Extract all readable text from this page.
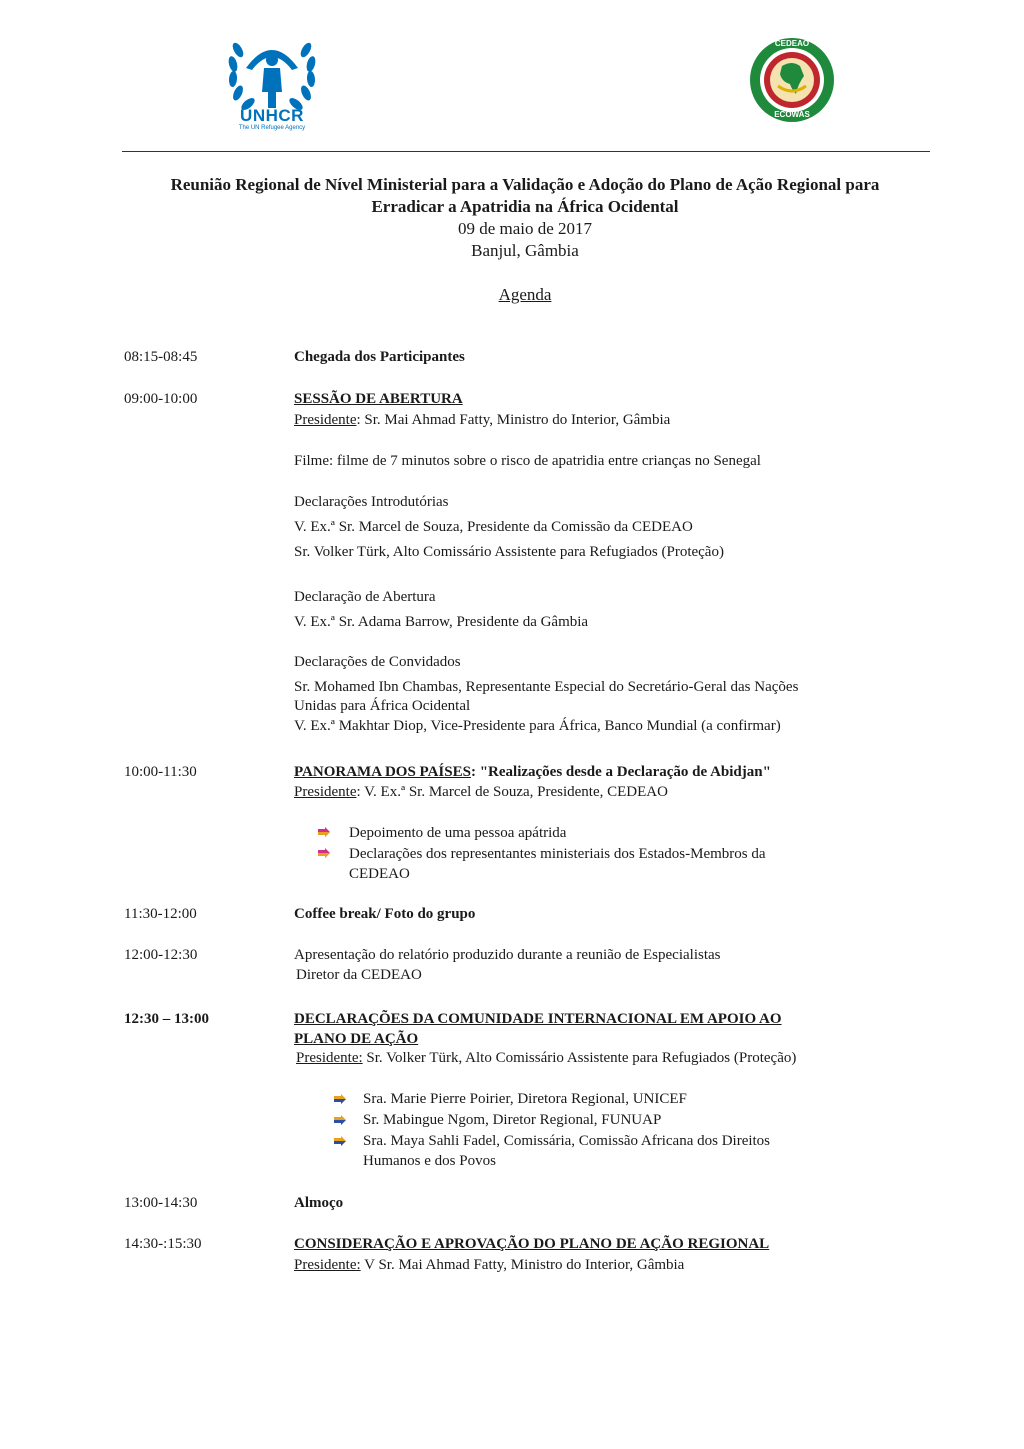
UNHCR
The UN Refugee Agency
CEDEAO
ECOWAS
Reunião Regional de Nível Ministerial para a Validação e Adoção do Plano de Ação Regional para
Erradicar a Apatridia na África Ocidental
09 de maio de 2017
Banjul, Gâmbia
Agenda
08:15-08:45	Chegada dos Participantes
09:00-10:00	SESSÃO DE ABERTURA
Presidente: Sr. Mai Ahmad Fatty, Ministro do Interior, Gâmbia
Filme: filme de 7 minutos sobre o risco de apatridia entre crianças no Senegal
Declarações Introdutórias
V. Ex.ª Sr. Marcel de Souza, Presidente da Comissão da CEDEAO
Sr. Volker Türk, Alto Comissário Assistente para Refugiados (Proteção)
Declaração de Abertura
V. Ex.ª Sr. Adama Barrow, Presidente da Gâmbia
Declarações de Convidados
Sr. Mohamed Ibn Chambas, Representante Especial do Secretário-Geral das Nações
Unidas para África Ocidental
V. Ex.ª Makhtar Diop, Vice-Presidente para África, Banco Mundial (a confirmar)
10:00-11:30	PANORAMA DOS PAÍSES: "Realizações desde a Declaração de Abidjan"
Presidente: V. Ex.ª Sr. Marcel de Souza, Presidente, CEDEAO
Depoimento de uma pessoa apátrida
Declarações dos representantes ministeriais dos Estados-Membros da
CEDEAO
11:30-12:00	Coffee break/ Foto do grupo
12:00-12:30	Apresentação do relatório produzido durante a reunião de Especialistas
Diretor da CEDEAO
12:30 – 13:00	DECLARAÇÕES DA COMUNIDADE INTERNACIONAL EM APOIO AO
PLANO DE AÇÃO
Presidente: Sr. Volker Türk, Alto Comissário Assistente para Refugiados (Proteção)
Sra. Marie Pierre Poirier, Diretora Regional, UNICEF
Sr. Mabingue Ngom, Diretor Regional, FUNUAP
Sra. Maya Sahli Fadel, Comissária, Comissão Africana dos Direitos
Humanos e dos Povos
13:00-14:30	Almoço
14:30-:15:30	CONSIDERAÇÃO E APROVAÇÃO DO PLANO DE AÇÃO REGIONAL
Presidente: V Sr. Mai Ahmad Fatty, Ministro do Interior, Gâmbia
